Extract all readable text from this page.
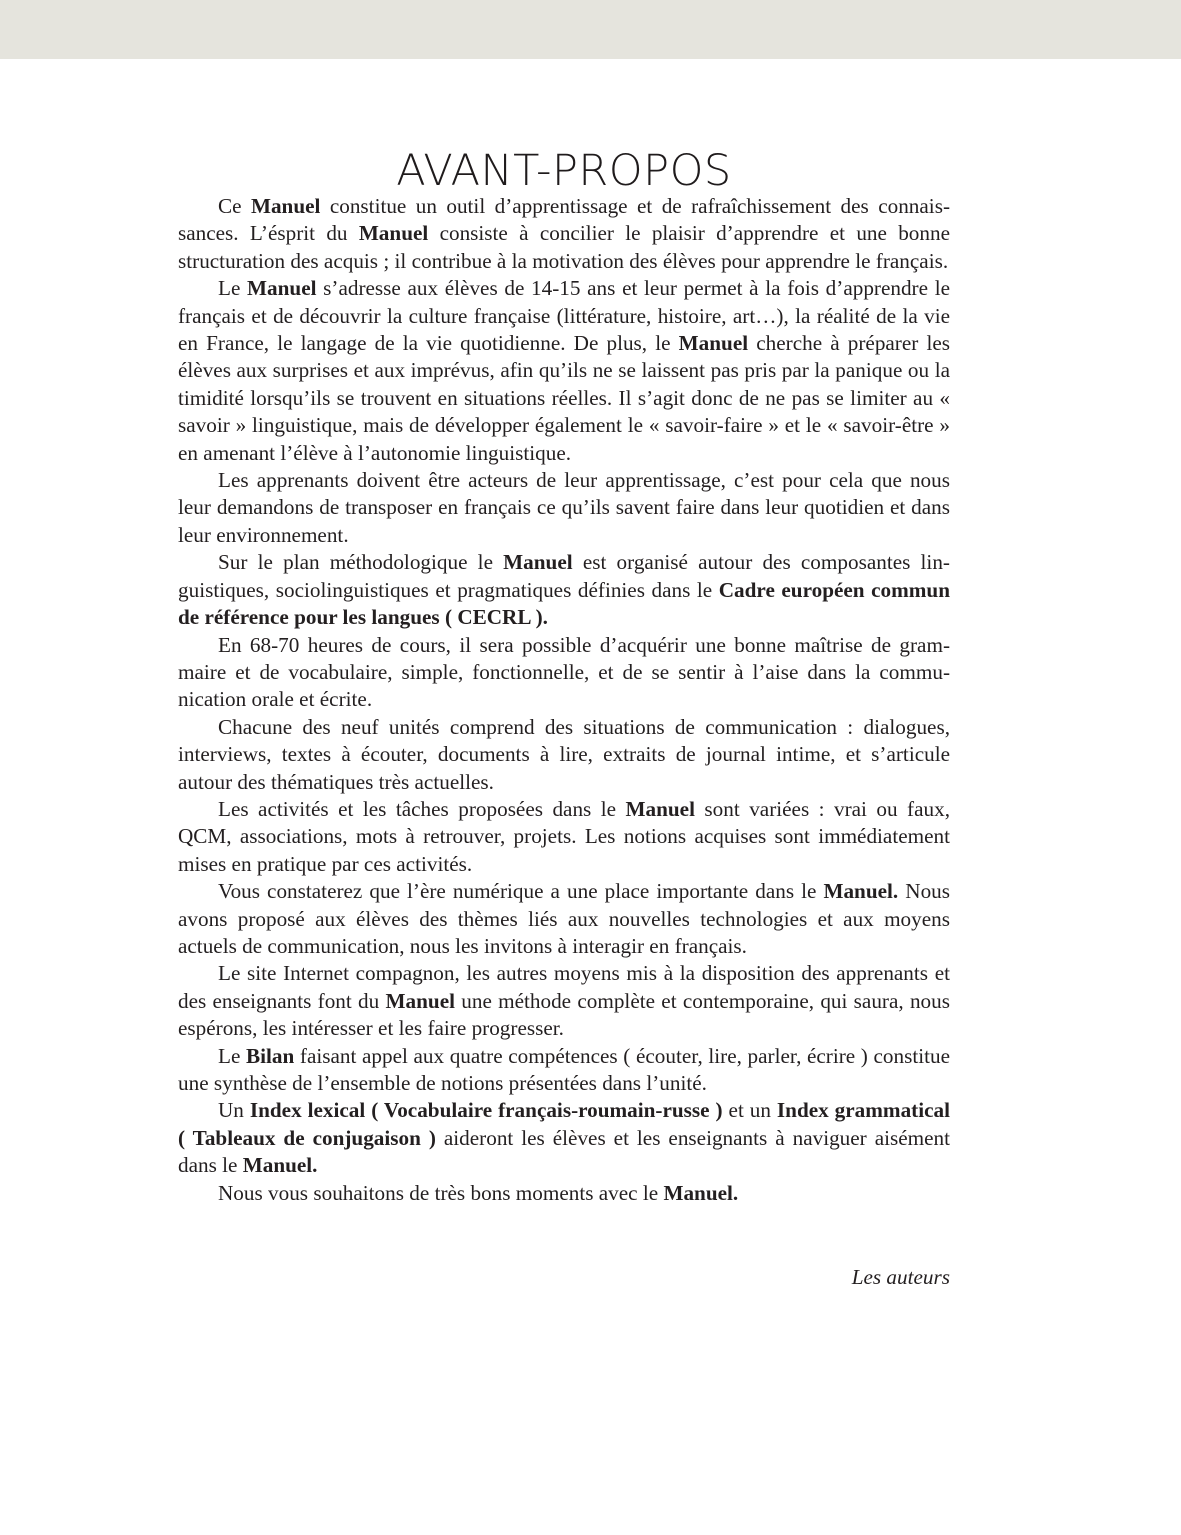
AVANT-PROPOS

Ce Manuel constitue un outil d’apprentissage et de rafraîchissement des connaissances. L’ésprit du Manuel consiste à concilier le plaisir d’apprendre et une bonne structuration des acquis ; il contribue à la motivation des élèves pour apprendre le français.

Le Manuel s’adresse aux élèves de 14-15 ans et leur permet à la fois d’apprendre le français et de découvrir la culture française (littérature, histoire, art…), la réalité de la vie en France, le langage de la vie quotidienne. De plus, le Manuel cherche à préparer les élèves aux surprises et aux imprévus, afin qu’ils ne se laissent pas pris par la panique ou la timidité lorsqu’ils se trouvent en situations réelles. Il s’agit donc de ne pas se limiter au « savoir » linguistique, mais de développer également le « savoir-faire » et le « savoir-être » en amenant l’élève à l’autonomie linguistique.

Les apprenants doivent être acteurs de leur apprentissage, c’est pour cela que nous leur demandons de transposer en français ce qu’ils savent faire dans leur quotidien et dans leur environnement.

Sur le plan méthodologique le Manuel est organisé autour des composantes linguistiques, sociolinguistiques et pragmatiques définies dans le Cadre européen commun de référence pour les langues ( CECRL ).

En 68-70 heures de cours, il sera possible d’acquérir une bonne maîtrise de grammaire et de vocabulaire, simple, fonctionnelle, et de se sentir à l’aise dans la communication orale et écrite.

Chacune des neuf unités comprend des situations de communication : dialogues, interviews, textes à écouter, documents à lire, extraits de journal intime, et s’articule autour des thématiques très actuelles.

Les activités et les tâches proposées dans le Manuel sont variées : vrai ou faux, QCM, associations, mots à retrouver, projets. Les notions acquises sont immédiatement mises en pratique par ces activités.

Vous constaterez que l’ère numérique a une place importante dans le Manuel. Nous avons proposé aux élèves des thèmes liés aux nouvelles technologies et aux moyens actuels de communication, nous les invitons à interagir en français.

Le site Internet compagnon, les autres moyens mis à la disposition des apprenants et des enseignants font du Manuel une méthode complète et contemporaine, qui saura, nous espérons, les intéresser et les faire progresser.

Le Bilan faisant appel aux quatre compétences ( écouter, lire, parler, écrire ) constitue une synthèse de l’ensemble de notions présentées dans l’unité.

Un Index lexical ( Vocabulaire français-roumain-russe ) et un Index grammatical ( Tableaux de conjugaison ) aideront les élèves et les enseignants à naviguer aisément dans le Manuel.

Nous vous souhaitons de très bons moments avec le Manuel.

Les auteurs
